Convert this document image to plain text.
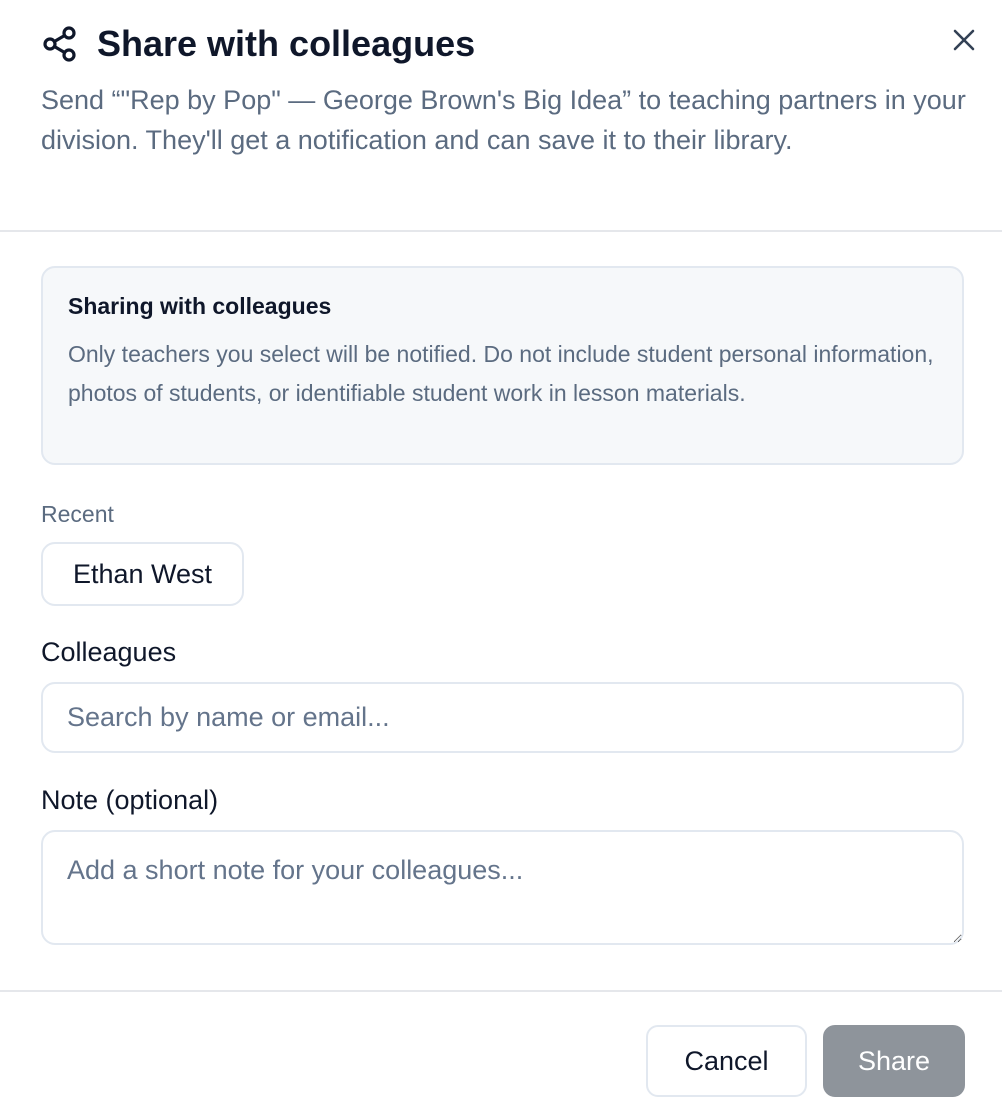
Share with colleagues

Send “"Rep by Pop" — George Brown's Big Idea” to teaching partners in your division. They'll get a notification and can save it to their library.

Sharing with colleagues

Only teachers you select will be notified. Do not include student personal information, photos of students, or identifiable student work in lesson materials.

Recent
Ethan West
Colleagues
Search by name or email...
Note (optional)
Add a short note for your colleagues...
Cancel	Share
